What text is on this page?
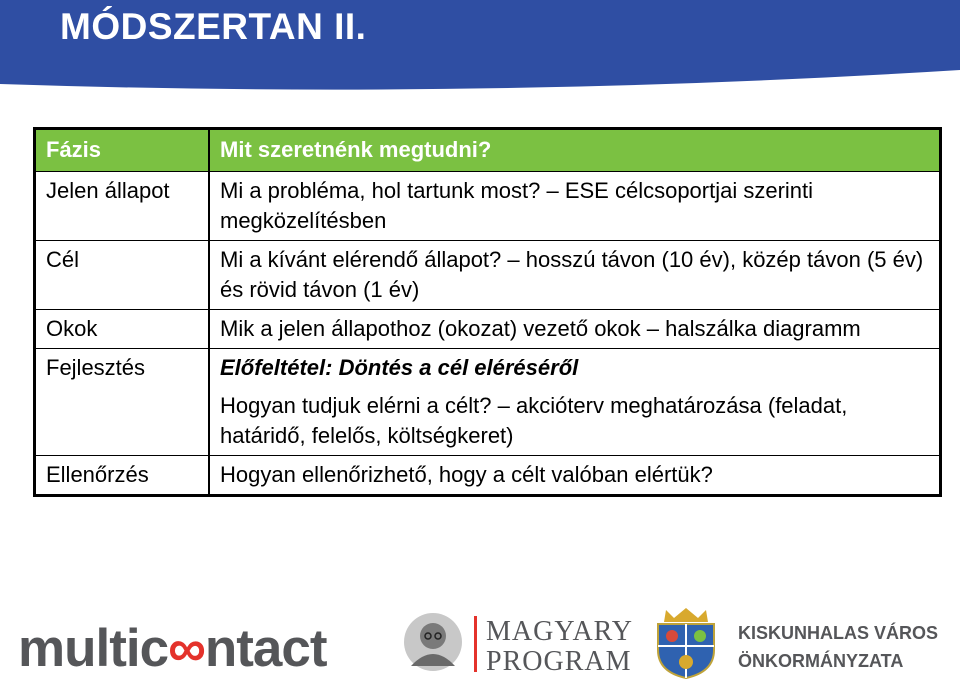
MÓDSZERTAN II.
Fázis	Mit szeretnénk megtudni?
Jelen állapot	Mi a probléma, hol tartunk most? – ESE célcsoportjai szerinti megközelítésben
Cél	Mi a kívánt elérendő állapot? – hosszú távon (10 év), közép távon (5 év) és rövid távon (1 év)
Okok	Mik a jelen állapothoz (okozat) vezető okok – halszálka diagramm
Fejlesztés	Előfeltétel: Döntés a cél eléréséről
	Hogyan tudjuk elérni a célt? – akcióterv meghatározása (feladat, határidő, felelős, költségkeret)
Ellenőrzés	Hogyan ellenőrizhető, hogy a célt valóban elértük?
multic∞ntact	MAGYARY
PROGRAM
KISKUNHALAS VÁROS
ÖNKORMÁNYZATA
